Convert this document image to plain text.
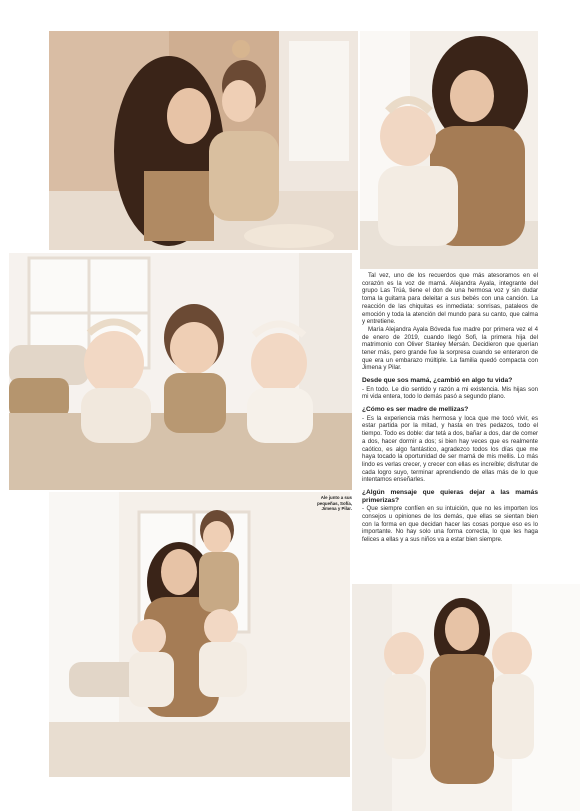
Tal vez, uno de los recuerdos que más atesoramos en el corazón es la voz de mamá. Alejandra Ayala, integrante del grupo Las Trúá, tiene el don de una hermosa voz y sin dudar toma la guitarra para deleitar a sus bebés con una canción. La reacción de las chiquitas es inmediata: sonrisas, pataleos de emoción y toda la atención del mundo para su canto, que calma y entretiene.

María Alejandra Ayala Bóveda fue madre por primera vez el 4 de enero de 2019, cuando llegó Sofi, la primera hija del matrimonio con Oliver Stanley Mersán. Decidieron que querían tener más, pero grande fue la sorpresa cuando se enteraron de que era un embarazo múltiple. La familia quedó compacta con Jimena y Pilar.

Desde que sos mamá, ¿cambió en algo tu vida?

- En todo. Le dio sentido y razón a mi existencia. Mis hijas son mi vida entera, todo lo demás pasó a segundo plano.

¿Cómo es ser madre de mellizas?

- Es la experiencia más hermosa y loca que me tocó vivir, es estar partida por la mitad, y hasta en tres pedazos, todo el tiempo. Todo es doble: dar tetá a dos, bañar a dos, dar de comer a dos, hacer dormir a dos; si bien hay veces que es realmente caótico, es algo fantástico, agradezco todos los días que me haya tocado la oportunidad de ser mamá de mis mellis. Lo más lindo es verlas crecer, y crecer con ellas es increíble; disfrutar de cada logro suyo, terminar aprendiendo de ellas más de lo que intentamos enseñarles.

¿Algún mensaje que quieras dejar a las mamás primerizas?

- Que siempre confíen en su intuición, que no les importen los consejos u opiniones de los demás, que ellas se sientan bien con la forma en que decidan hacer las cosas porque eso es lo importante. No hay solo una forma correcta, lo que les haga felices a ellas y a sus niños va a estar bien siempre.

Ale junto a sus
pequeñas, Sofía,
Jimena y Pilar.
